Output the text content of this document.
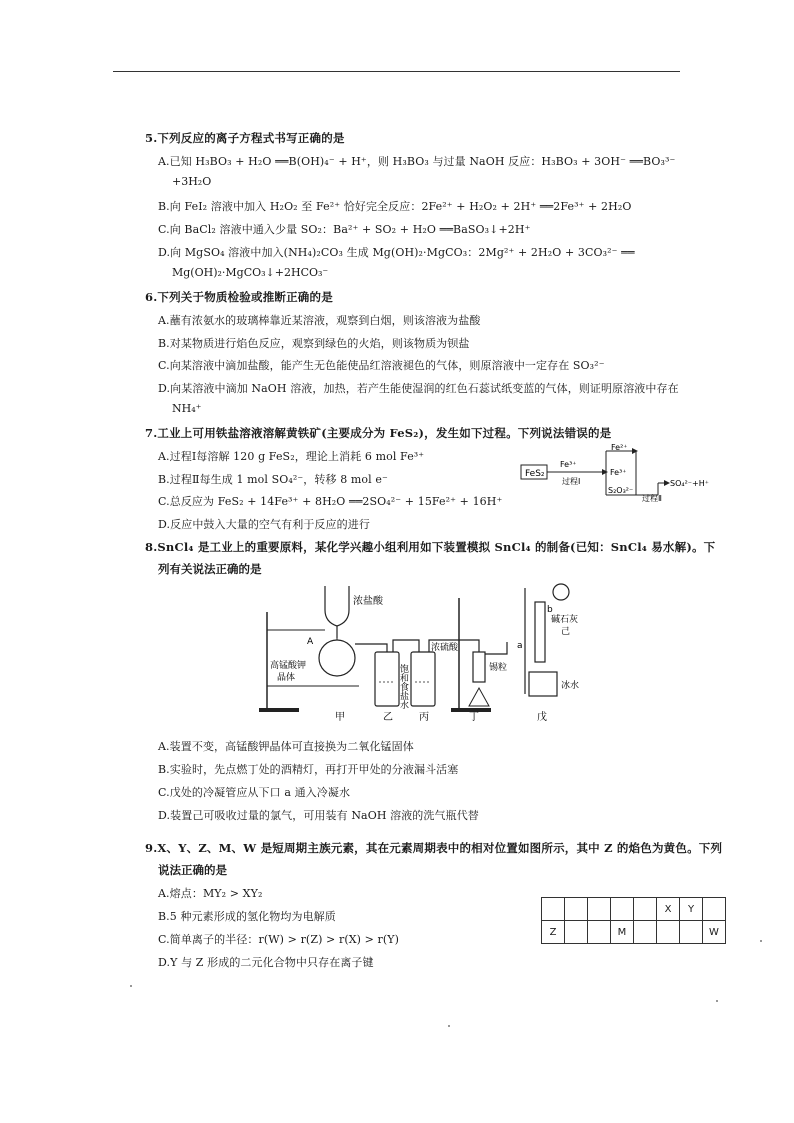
5.下列反应的离子方程式书写正确的是
A.已知 H₃BO₃ + H₂O ══B(OH)₄⁻ + H⁺，则 H₃BO₃ 与过量 NaOH 反应：H₃BO₃ + 3OH⁻ ══BO₃³⁻
+3H₂O
B.向 FeI₂ 溶液中加入 H₂O₂ 至 Fe²⁺ 恰好完全反应：2Fe²⁺ + H₂O₂ + 2H⁺ ══2Fe³⁺ + 2H₂O
C.向 BaCl₂ 溶液中通入少量 SO₂：Ba²⁺ + SO₂ + H₂O ══BaSO₃↓+2H⁺
D.向 MgSO₄ 溶液中加入(NH₄)₂CO₃ 生成 Mg(OH)₂·MgCO₃：2Mg²⁺ + 2H₂O + 3CO₃²⁻ ══
Mg(OH)₂·MgCO₃↓+2HCO₃⁻
6.下列关于物质检验或推断正确的是
A.蘸有浓氨水的玻璃棒靠近某溶液，观察到白烟，则该溶液为盐酸
B.对某物质进行焰色反应，观察到绿色的火焰，则该物质为钡盐
C.向某溶液中滴加盐酸，能产生无色能使品红溶液褪色的气体，则原溶液中一定存在 SO₃²⁻
D.向某溶液中滴加 NaOH 溶液，加热，若产生能使湿润的红色石蕊试纸变蓝的气体，则证明原溶液中存在
NH₄⁺
7.工业上可用铁盐溶液溶解黄铁矿(主要成分为 FeS₂)，发生如下过程。下列说法错误的是
A.过程Ⅰ每溶解 120 g FeS₂，理论上消耗 6 mol Fe³⁺
B.过程Ⅱ每生成 1 mol SO₄²⁻，转移 8 mol e⁻
C.总反应为 FeS₂ + 14Fe³⁺ + 8H₂O ══2SO₄²⁻ + 15Fe²⁺ + 16H⁺
D.反应中鼓入大量的空气有利于反应的进行
FeS₂
Fe³⁺
过程Ⅰ
Fe²⁺
Fe³⁺
S₂O₃²⁻
过程Ⅱ
SO₄²⁻+H⁺
8.SnCl₄ 是工业上的重要原料，某化学兴趣小组利用如下装置模拟 SnCl₄ 的制备(已知：SnCl₄ 易水解)。下
列有关说法正确的是
浓盐酸
A
高锰酸钾
晶体	饱和食盐水
浓硫酸
锡粒
b
a
碱石灰
己
冰水
甲	乙	丙	丁	戊
A.装置不变，高锰酸钾晶体可直接换为二氧化锰固体
B.实验时，先点燃丁处的酒精灯，再打开甲处的分液漏斗活塞
C.戊处的冷凝管应从下口 a 通入冷凝水
D.装置己可吸收过量的氯气，可用装有 NaOH 溶液的洗气瓶代替
9.X、Y、Z、M、W 是短周期主族元素，其在元素周期表中的相对位置如图所示，其中 Z 的焰色为黄色。下列
说法正确的是
A.熔点：MY₂ > XY₂
B.5 种元素形成的氢化物均为电解质
C.简单离子的半径：r(W) > r(Z) > r(X) > r(Y)
D.Y 与 Z 形成的二元化合物中只存在离子键
					X	Y	
Z			M				W
